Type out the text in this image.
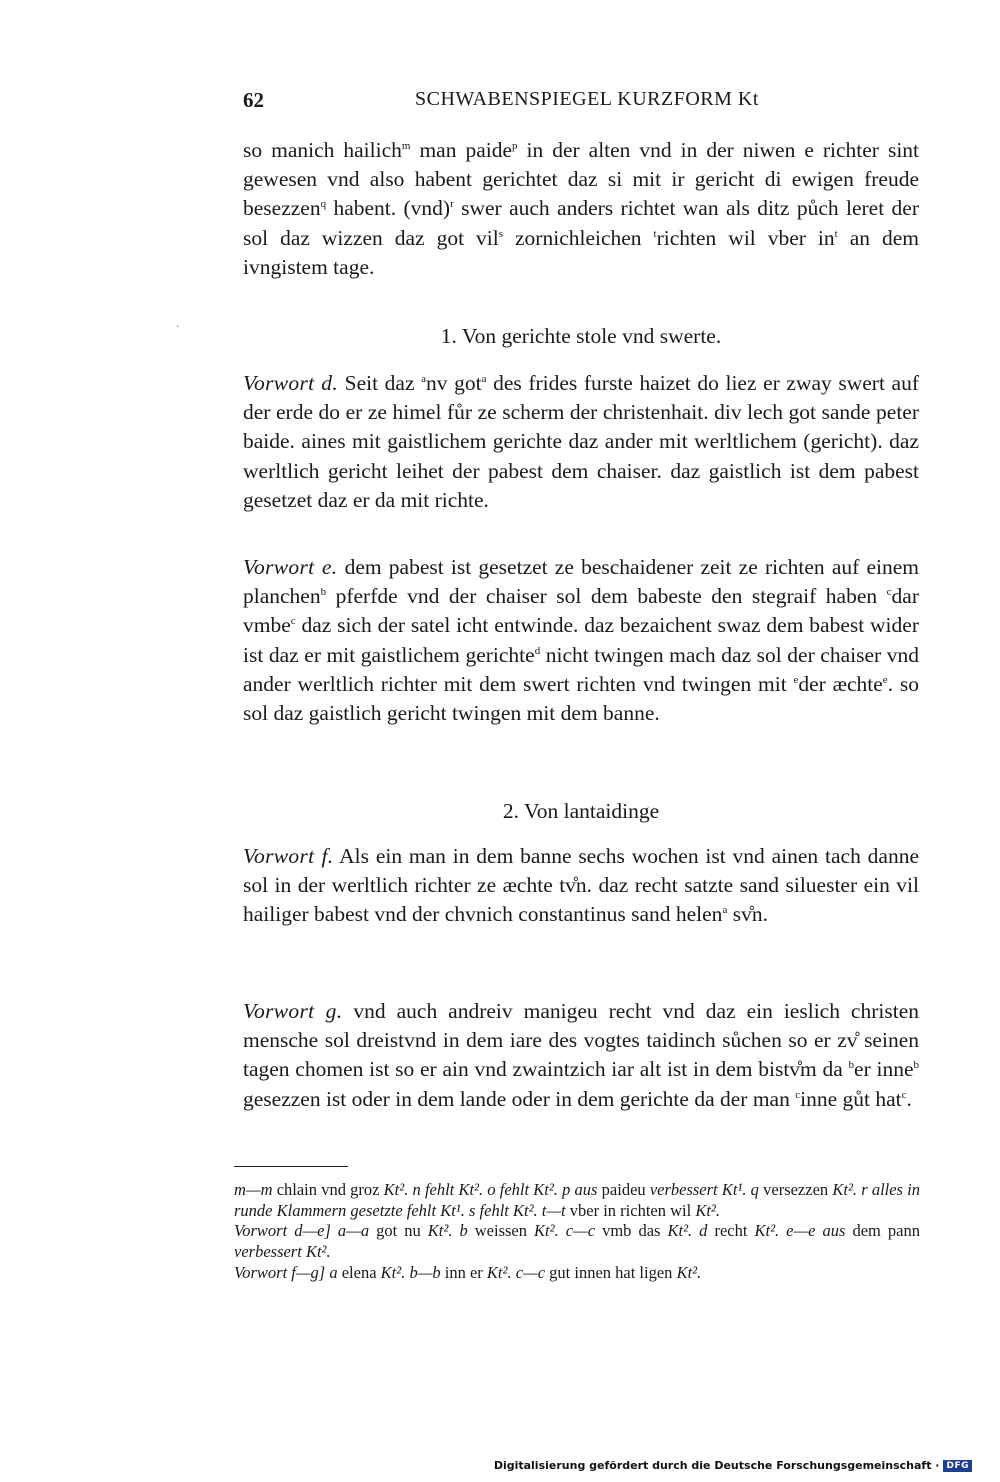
62	SCHWABENSPIEGEL KURZFORM Kt

so manich hailich$^m$ man paide$^p$ in der alten vnd in der niwen e richter sint gewesen vnd also habent gerichtet daz si mit ir gericht di ewigen freude besezzen$^q$ habent. (vnd)$^r$ swer auch anders richtet wan als ditz půch leret der sol daz wizzen daz got vil$^s$ zornichleichen $^t$richten wil vber $in^t$ an dem ivngistem tage.

·	1. Von gerichte stole vnd swerte.

Vorwort d. Seit daz $^a$nv got$^a$ des frides furste haizet do liez er zway swert auf der erde do er ze himel fůr ze scherm der christenhait. div lech got sande peter baide. aines mit gaistlichem gerichte daz ander mit werltlichem (gericht). daz werltlich gericht leihet der pabest dem chaiser. daz gaistlich ist dem pabest gesetzet daz er da mit richte.

Vorwort e. dem pabest ist gesetzet ze beschaidener zeit ze richten auf einem planchen$^b$ pferfde vnd der chaiser sol dem babeste den stegraif haben $^c$dar vmbe$^c$ daz sich der satel icht entwinde. daz bezaichent swaz dem babest wider ist daz er mit gaistlichem gerichte$^d$ nicht twingen mach daz sol der chaiser vnd ander werltlich richter mit dem swert richten vnd twingen mit $^e$der æchte$^e$. so sol daz gaistlich gericht twingen mit dem banne.

2. Von lantaidinge

Vorwort f. Als ein man in dem banne sechs wochen ist vnd ainen tach danne sol in der werltlich richter ze æchte tv̊n. daz recht satzte sand siluester ein vil hailiger babest vnd der chvnich constantinus sand helen$^a$ sv̊n.

Vorwort g. vnd auch andreiv manigeu recht vnd daz ein ieslich christen mensche sol dreistvnd in dem iare des vogtes taidinch sůchen so er zv̊ seinen tagen chomen ist so er ain vnd zwaintzich iar alt ist in dem bistv̊m da $^b$er inne$^b$ gesezzen ist oder in dem lande oder in dem gerichte da der man $^c$inne gůt hat$^c$.

m—m chlain vnd groz Kt². n fehlt Kt². o fehlt Kt². p aus paideu verbessert Kt¹. q versezzen Kt². r alles in runde Klammern gesetzte fehlt Kt¹. s fehlt Kt². t—t vber in richten wil Kt².

Vorwort d—e] a—a got nu Kt². b weissen Kt². c—c vmb das Kt². d recht Kt². e—e aus dem pann verbessert Kt².

Vorwort f—g] a elena Kt². b—b inn er Kt². c—c gut innen hat ligen Kt².

Digitalisierung gefördert durch die Deutsche Forschungsgemeinschaft · DFG
